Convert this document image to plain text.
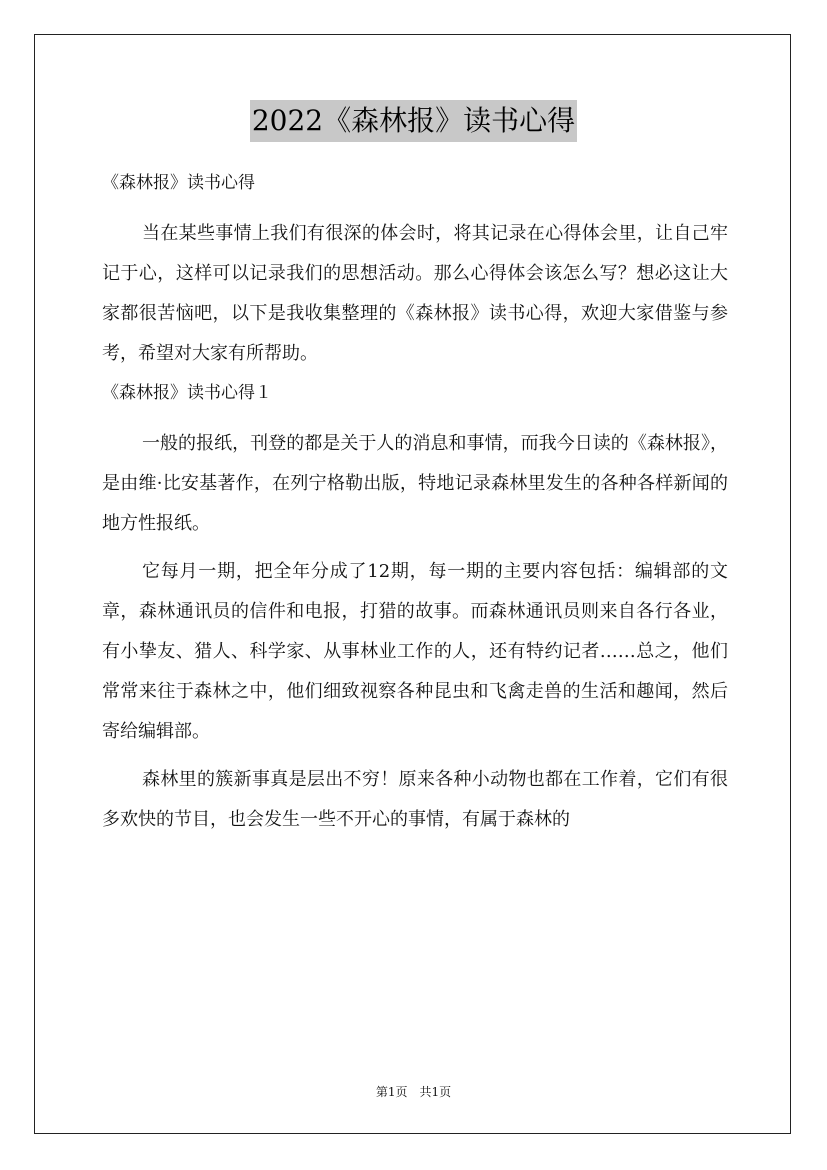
2022《森林报》读书心得

《森林报》读书心得

当在某些事情上我们有很深的体会时，将其记录在心得体会里，让自己牢记于心，这样可以记录我们的思想活动。那么心得体会该怎么写？想必这让大家都很苦恼吧，以下是我收集整理的《森林报》读书心得，欢迎大家借鉴与参考，希望对大家有所帮助。

《森林报》读书心得１

一般的报纸，刊登的都是关于人的消息和事情，而我今日读的《森林报》，是由维·比安基著作，在列宁格勒出版，特地记录森林里发生的各种各样新闻的地方性报纸。

它每月一期，把全年分成了12期，每一期的主要内容包括：编辑部的文章，森林通讯员的信件和电报，打猎的故事。而森林通讯员则来自各行各业，有小挚友、猎人、科学家、从事林业工作的人，还有特约记者……总之，他们常常来往于森林之中，他们细致视察各种昆虫和飞禽走兽的生活和趣闻，然后寄给编辑部。

森林里的簇新事真是层出不穷！原来各种小动物也都在工作着，它们有很多欢快的节目，也会发生一些不开心的事情，有属于森林的

第1页　共1页
